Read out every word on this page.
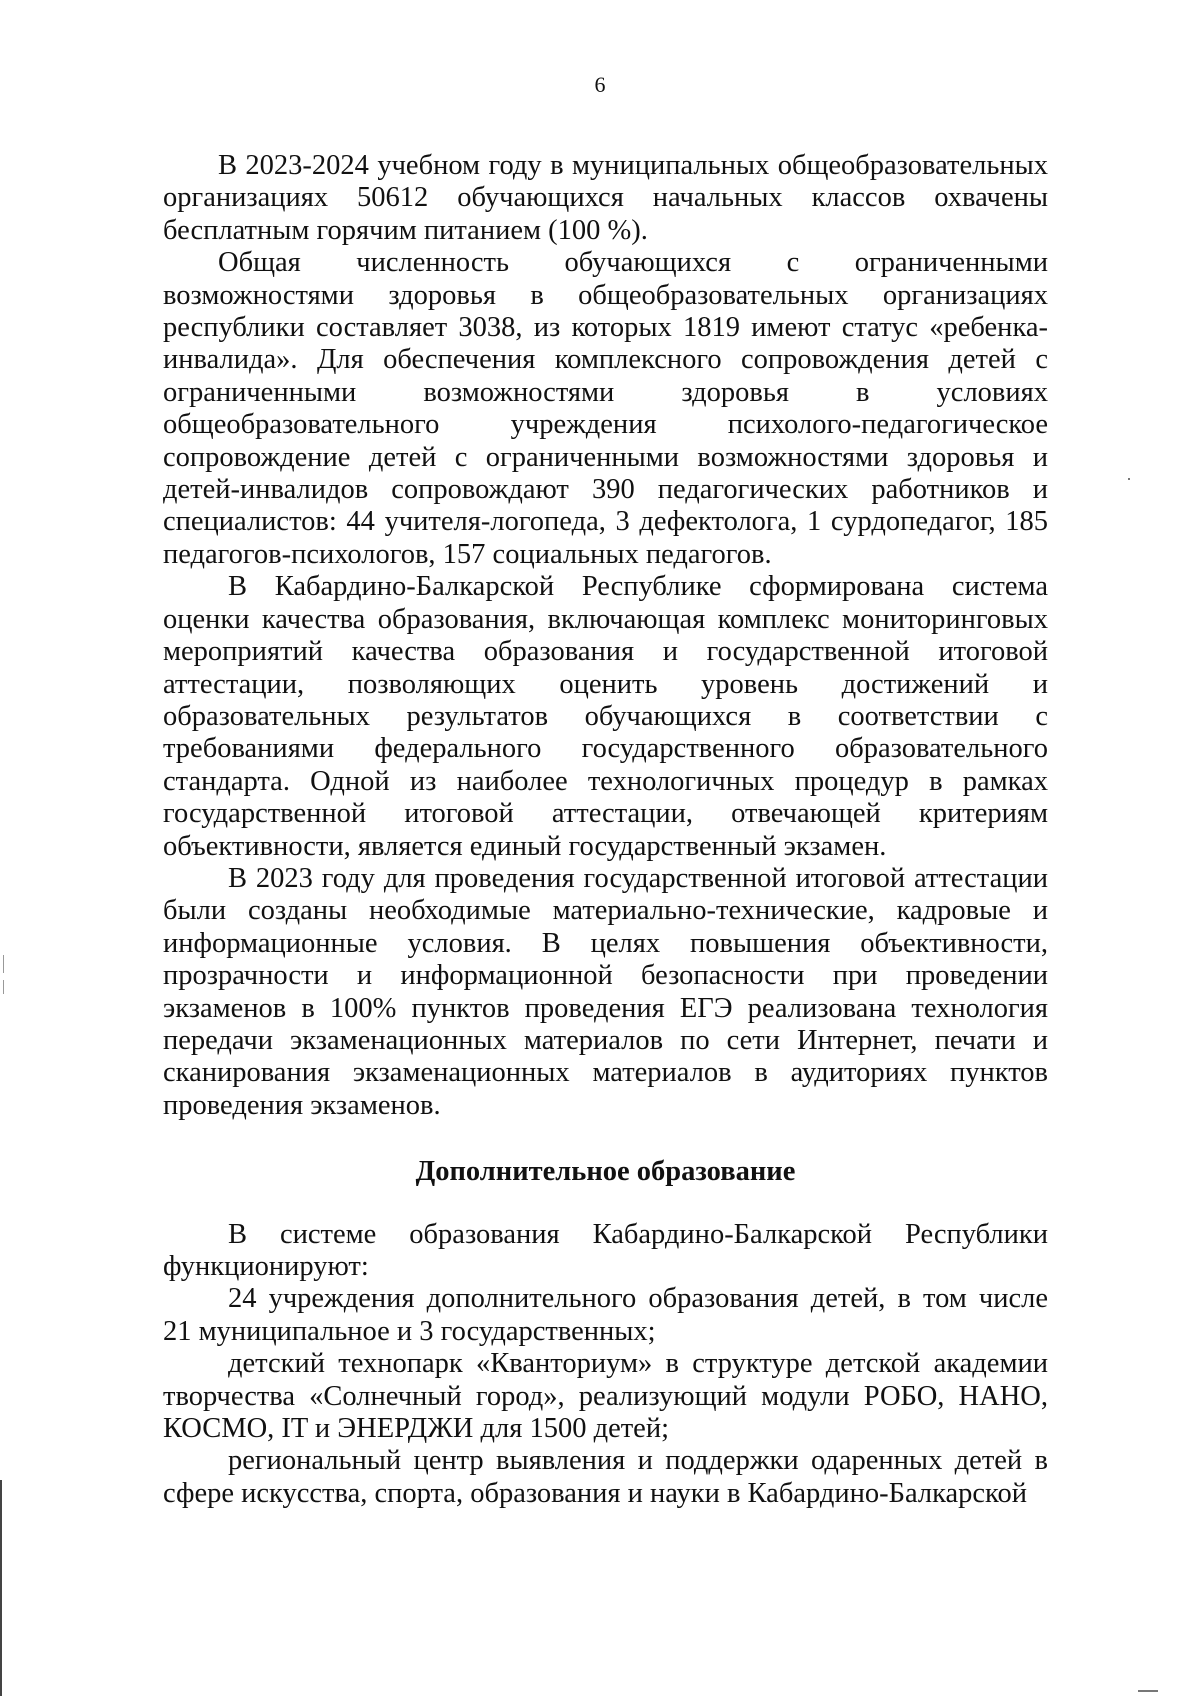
6

В 2023-2024 учебном году в муниципальных общеобразовательных организациях 50612 обучающихся начальных классов охвачены бесплатным горячим питанием (100 %).

Общая численность обучающихся с ограниченными возможностями здоровья в общеобразовательных организациях республики составляет 3038, из которых 1819 имеют статус «ребенка-инвалида». Для обеспечения комплексного сопровождения детей с ограниченными возможностями здоровья в условиях общеобразовательного учреждения психолого-педагогическое сопровождение детей с ограниченными возможностями здоровья и детей-инвалидов сопровождают 390 педагогических работников и специалистов: 44 учителя-логопеда, 3 дефектолога, 1 сурдопедагог, 185 педагогов-психологов, 157 социальных педагогов.

В Кабардино-Балкарской Республике сформирована система оценки качества образования, включающая комплекс мониторинговых мероприятий качества образования и государственной итоговой аттестации, позволяющих оценить уровень достижений и образовательных результатов обучающихся в соответствии с требованиями федерального государственного образовательного стандарта. Одной из наиболее технологичных процедур в рамках государственной итоговой аттестации, отвечающей критериям объективности, является единый государственный экзамен.

В 2023 году для проведения государственной итоговой аттестации были созданы необходимые материально-технические, кадровые и информационные условия. В целях повышения объективности, прозрачности и информационной безопасности при проведении экзаменов в 100% пунктов проведения ЕГЭ реализована технология передачи экзаменационных материалов по сети Интернет, печати и сканирования экзаменационных материалов в аудиториях пунктов проведения экзаменов.

Дополнительное образование

В системе образования Кабардино-Балкарской Республики функционируют:

24 учреждения дополнительного образования детей, в том числе 21 муниципальное и 3 государственных;

детский технопарк «Кванториум» в структуре детской академии творчества «Солнечный город», реализующий модули РОБО, НАНО, КОСМО, IT и ЭНЕРДЖИ для 1500 детей;

региональный центр выявления и поддержки одаренных детей в сфере искусства, спорта, образования и науки в Кабардино-Балкарской
